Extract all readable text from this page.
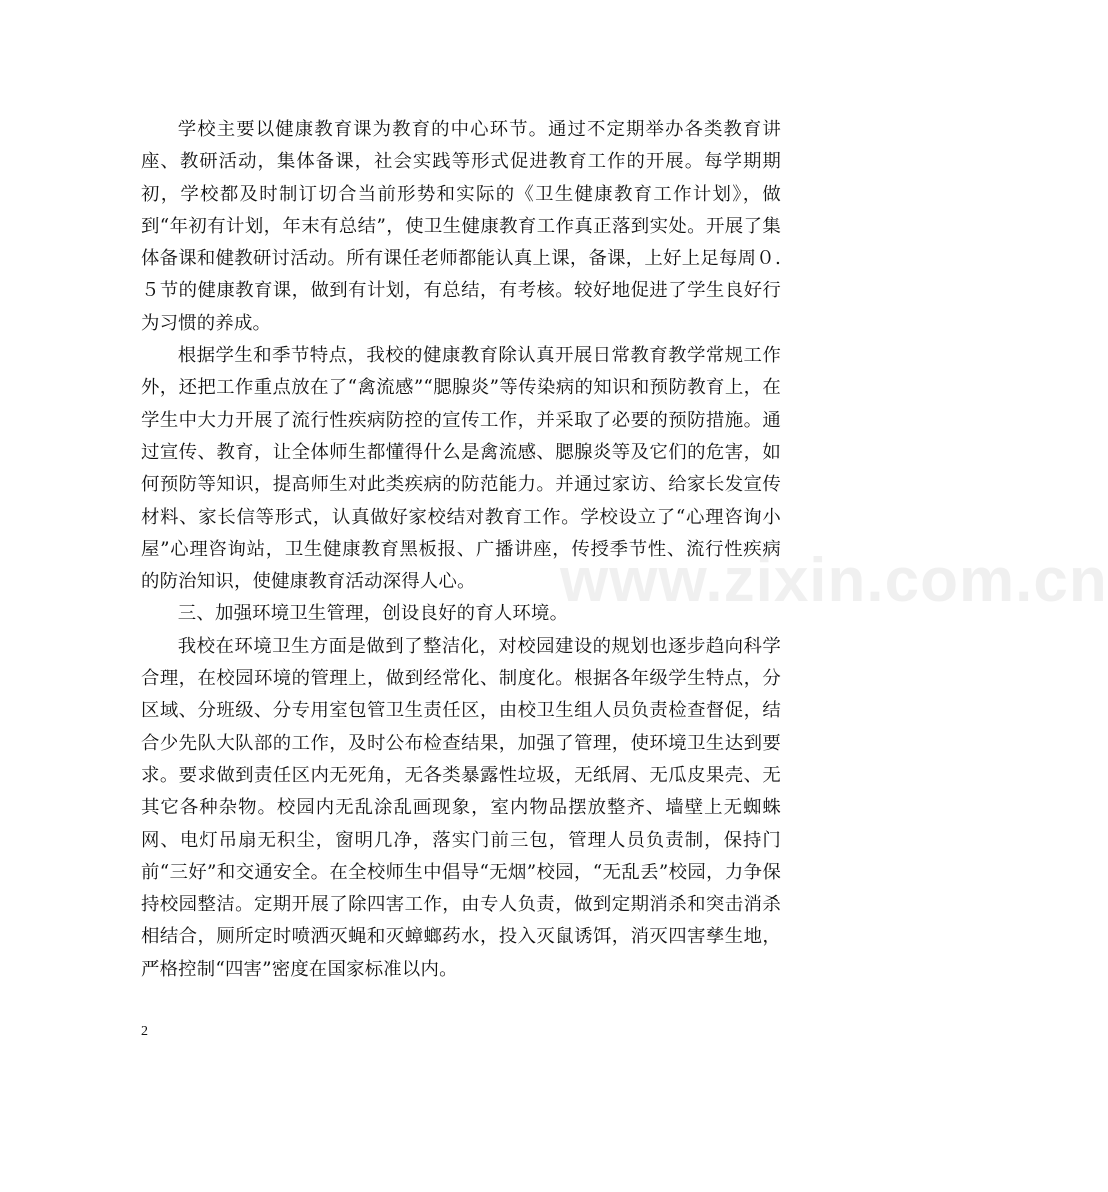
www.zixin.com.cn

学校主要以健康教育课为教育的中心环节。通过不定期举办各类教育讲座、教研活动，集体备课，社会实践等形式促进教育工作的开展。每学期期初，学校都及时制订切合当前形势和实际的《卫生健康教育工作计划》，做到“年初有计划，年末有总结”，使卫生健康教育工作真正落到实处。开展了集体备课和健教研讨活动。所有课任老师都能认真上课，备课，上好上足每周０.５节的健康教育课，做到有计划，有总结，有考核。较好地促进了学生良好行为习惯的养成。

根据学生和季节特点，我校的健康教育除认真开展日常教育教学常规工作外，还把工作重点放在了“禽流感”“腮腺炎”等传染病的知识和预防教育上，在学生中大力开展了流行性疾病防控的宣传工作，并采取了必要的预防措施。通过宣传、教育，让全体师生都懂得什么是禽流感、腮腺炎等及它们的危害，如何预防等知识，提高师生对此类疾病的防范能力。并通过家访、给家长发宣传材料、家长信等形式，认真做好家校结对教育工作。学校设立了“心理咨询小屋”心理咨询站，卫生健康教育黑板报、广播讲座，传授季节性、流行性疾病的防治知识，使健康教育活动深得人心。

三、加强环境卫生管理，创设良好的育人环境。

我校在环境卫生方面是做到了整洁化，对校园建设的规划也逐步趋向科学合理，在校园环境的管理上，做到经常化、制度化。根据各年级学生特点，分区域、分班级、分专用室包管卫生责任区，由校卫生组人员负责检查督促，结合少先队大队部的工作，及时公布检查结果，加强了管理，使环境卫生达到要求。要求做到责任区内无死角，无各类暴露性垃圾，无纸屑、无瓜皮果壳、无其它各种杂物。校园内无乱涂乱画现象，室内物品摆放整齐、墙壁上无蜘蛛网、电灯吊扇无积尘，窗明几净，落实门前三包，管理人员负责制，保持门前“三好”和交通安全。在全校师生中倡导“无烟”校园，“无乱丢”校园，力争保持校园整洁。定期开展了除四害工作，由专人负责，做到定期消杀和突击消杀相结合，厕所定时喷洒灭蝇和灭蟑螂药水，投入灭鼠诱饵，消灭四害孳生地，严格控制“四害”密度在国家标准以内。

2
